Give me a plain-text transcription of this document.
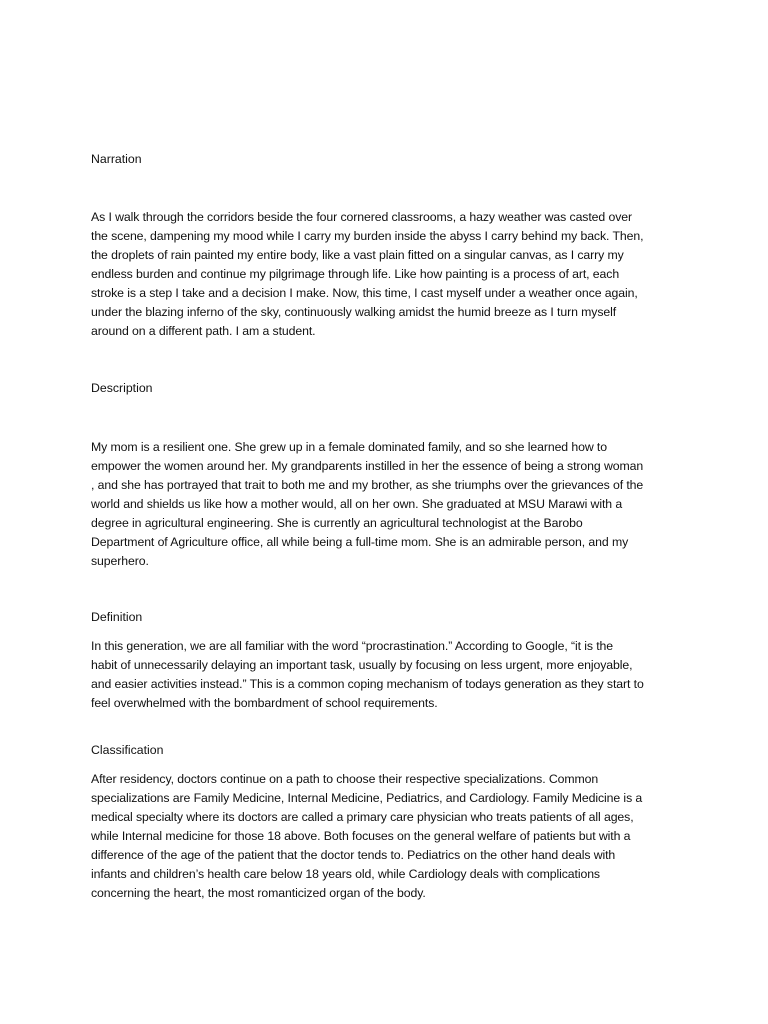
Narration
As I walk through the corridors beside the four cornered classrooms, a hazy weather was casted over
the scene, dampening my mood while I carry my burden inside the abyss I carry behind my back. Then,
the droplets of rain painted my entire body, like a vast plain fitted on a singular canvas, as I carry my
endless burden and continue my pilgrimage through life. Like how painting is a process of art, each
stroke is a step I take and a decision I make. Now, this time, I cast myself under a weather once again,
under the blazing inferno of the sky, continuously walking amidst the humid breeze as I turn myself
around on a different path. I am a student.
Description
My mom is a resilient one. She grew up in a female dominated family, and so she learned how to
empower the women around her. My grandparents instilled in her the essence of being a strong woman
, and she has portrayed that trait to both me and my brother, as she triumphs over the grievances of the
world and shields us like how a mother would, all on her own. She graduated at MSU Marawi with a
degree in agricultural engineering. She is currently an agricultural technologist at the Barobo
Department of Agriculture office, all while being a full-time mom. She is an admirable person, and my
superhero.
Definition
In this generation, we are all familiar with the word “procrastination.” According to Google, “it is the
habit of unnecessarily delaying an important task, usually by focusing on less urgent, more enjoyable,
and easier activities instead.” This is a common coping mechanism of todays generation as they start to
feel overwhelmed with the bombardment of school requirements.
Classification
After residency, doctors continue on a path to choose their respective specializations. Common
specializations are Family Medicine, Internal Medicine, Pediatrics, and Cardiology. Family Medicine is a
medical specialty where its doctors are called a primary care physician who treats patients of all ages,
while Internal medicine for those 18 above. Both focuses on the general welfare of patients but with a
difference of the age of the patient that the doctor tends to. Pediatrics on the other hand deals with
infants and children’s health care below 18 years old, while Cardiology deals with complications
concerning the heart, the most romanticized organ of the body.
